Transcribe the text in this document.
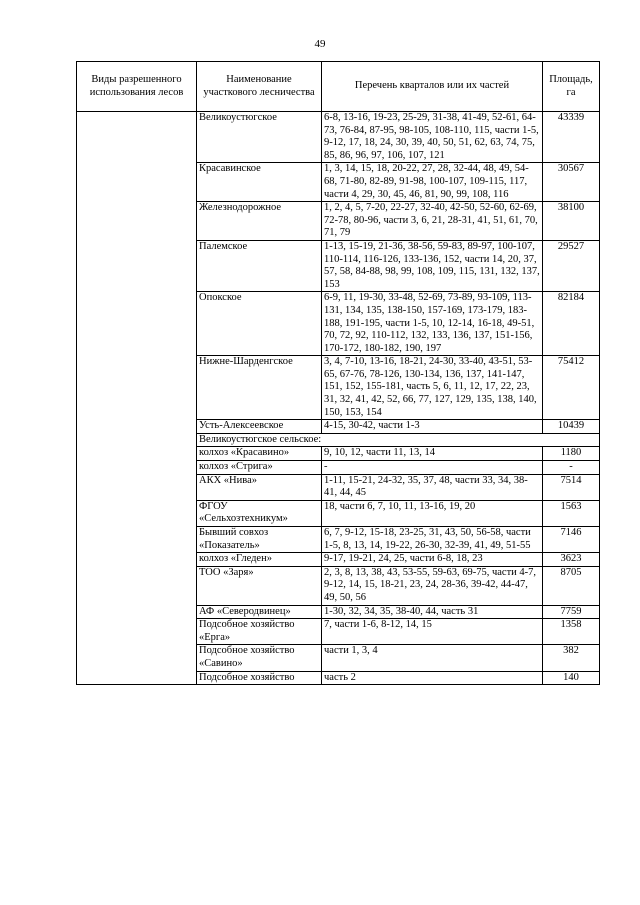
49
Виды разрешенного использования лесов	Наименование участкового лесничества	Перечень кварталов или их частей	Площадь, га
	Великоустюгское	6-8, 13-16, 19-23, 25-29, 31-38, 41-49, 52-61, 64-73, 76-84, 87-95, 98-105, 108-110, 115, части 1-5, 9-12, 17, 18, 24, 30, 39, 40, 50, 51, 62, 63, 74, 75, 85, 86, 96, 97, 106, 107, 121	43339
	Красавинское	1, 3, 14, 15, 18, 20-22, 27, 28, 32-44, 48, 49, 54-68, 71-80, 82-89, 91-98, 100-107, 109-115, 117, части 4, 29, 30, 45, 46, 81, 90, 99, 108, 116	30567
	Железнодорожное	1, 2, 4, 5, 7-20, 22-27, 32-40, 42-50, 52-60, 62-69, 72-78, 80-96, части 3, 6, 21, 28-31, 41, 51, 61, 70, 71, 79	38100
	Палемское	1-13, 15-19, 21-36, 38-56, 59-83, 89-97, 100-107, 110-114, 116-126, 133-136, 152, части 14, 20, 37, 57, 58, 84-88, 98, 99, 108, 109, 115, 131, 132, 137, 153	29527
	Опокское	6-9, 11, 19-30, 33-48, 52-69, 73-89, 93-109, 113-131, 134, 135, 138-150, 157-169, 173-179, 183-188, 191-195, части 1-5, 10, 12-14, 16-18, 49-51, 70, 72, 92, 110-112, 132, 133, 136, 137, 151-156, 170-172, 180-182, 190, 197	82184
	Нижне-Шарденгское	3, 4, 7-10, 13-16, 18-21, 24-30, 33-40, 43-51, 53-65, 67-76, 78-126, 130-134, 136, 137, 141-147, 151, 152, 155-181, часть 5, 6, 11, 12, 17, 22, 23, 31, 32, 41, 42, 52, 66, 77, 127, 129, 135, 138, 140, 150, 153, 154	75412
	Усть-Алексеевское	4-15, 30-42, части 1-3	10439
	Великоустюгское сельское:		
	колхоз «Красавино»	9, 10, 12, части 11, 13, 14	1180
	колхоз «Стрига»	-	-
	АКХ «Нива»	1-11, 15-21, 24-32, 35, 37, 48, части 33, 34, 38-41, 44, 45	7514
	ФГОУ «Сельхозтехникум»	18, части 6, 7, 10, 11, 13-16, 19, 20	1563
	Бывший совхоз «Показатель»	6, 7, 9-12, 15-18, 23-25, 31, 43, 50, 56-58, части 1-5, 8, 13, 14, 19-22, 26-30, 32-39, 41, 49, 51-55	7146
	колхоз «Гледен»	9-17, 19-21, 24, 25, части 6-8, 18, 23	3623
	ТОО «Заря»	2, 3, 8, 13, 38, 43, 53-55, 59-63, 69-75, части 4-7, 9-12, 14, 15, 18-21, 23, 24, 28-36, 39-42, 44-47, 49, 50, 56	8705
	АФ «Северодвинец»	1-30, 32, 34, 35, 38-40, 44, часть 31	7759
	Подсобное хозяйство «Ерга»	7, части 1-6, 8-12, 14, 15	1358
	Подсобное хозяйство «Савино»	части 1, 3, 4	382
	Подсобное хозяйство	часть 2	140
